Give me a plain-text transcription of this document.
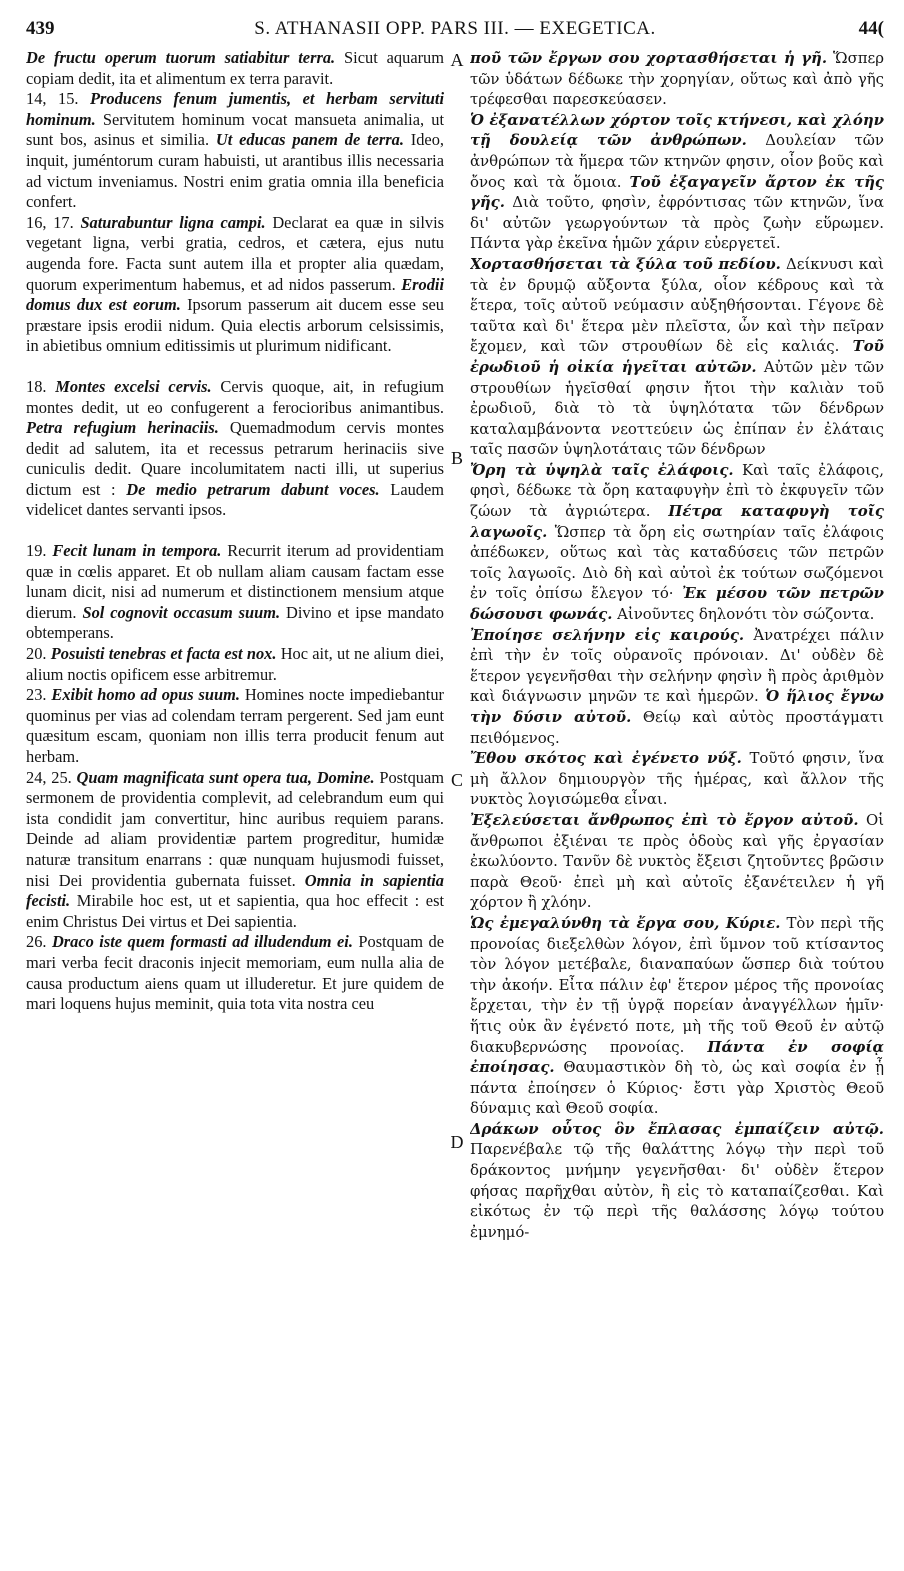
439	S. ATHANASII OPP. PARS III. — EXEGETICA.	44(

De fructu operum tuorum satiabitur terra. Sicut aquarum copiam dedit, ita et alimentum ex terra paravit.

14, 15. Producens fenum jumentis, et herbam servituti hominum. Servitutem hominum vocat mansueta animalia, ut sunt bos, asinus et similia. Ut educas panem de terra. Ideo, inquit, juméntorum curam habuisti, ut arantibus illis necessaria ad victum inveniamus. Nostri enim gratia omnia illa beneficia confert.

16, 17. Saturabuntur ligna campi. Declarat ea quæ in silvis vegetant ligna, verbi gratia, cedros, et cætera, ejus nutu augenda fore. Facta sunt autem illa et propter alia quædam, quorum experimentum habemus, et ad nidos passerum. Erodii domus dux est eorum. Ipsorum passerum ait ducem esse seu præstare ipsis erodii nidum. Quia electis arborum celsissimis, in abietibus omnium editissimis ut plurimum nidificant.

18. Montes excelsi cervis. Cervis quoque, ait, in refugium montes dedit, ut eo confugerent a ferocioribus animantibus. Petra refugium herinaciis. Quemadmodum cervis montes dedit ad salutem, ita et recessus petrarum herinaciis sive cuniculis dedit. Quare incolumitatem nacti illi, ut superius dictum est : De medio petrarum dabunt voces. Laudem videlicet dantes servanti ipsos.

19. Fecit lunam in tempora. Recurrit iterum ad providentiam quæ in cœlis apparet. Et ob nullam aliam causam factam esse lunam dicit, nisi ad numerum et distinctionem mensium atque dierum. Sol cognovit occasum suum. Divino et ipse mandato obtemperans.

20. Posuisti tenebras et facta est nox. Hoc ait, ut ne alium diei, alium noctis opificem esse arbitremur.

23. Exibit homo ad opus suum. Homines nocte impediebantur quominus per vias ad colendam terram pergerent. Sed jam eunt quæsitum escam, quoniam non illis terra producit fenum aut herbam.

24, 25. Quam magnificata sunt opera tua, Domine. Postquam sermonem de providentia complevit, ad celebrandum eum qui ista condidit jam convertitur, hinc auribus requiem parans. Deinde ad aliam providentiæ partem progreditur, humidæ naturæ transitum enarrans : quæ nunquam hujusmodi fuisset, nisi Dei providentia gubernata fuisset. Omnia in sapientia fecisti. Mirabile hoc est, ut et sapientia, qua hoc effecit : est enim Christus Dei virtus et Dei sapientia.

26. Draco iste quem formasti ad illudendum ei. Postquam de mari verba fecit draconis injecit memoriam, eum nulla alia de causa productum aiens quam ut illuderetur. Et jure quidem de mari loquens hujus meminit, quia tota vita nostra ceu

ποῦ τῶν ἔργων σου χορτασθήσεται ἡ γῆ. Ὥσπερ τῶν ὑδάτων δέδωκε τὴν χορηγίαν, οὕτως καὶ ἀπὸ γῆς τρέφεσθαι παρεσκεύασεν.

Ὁ ἐξανατέλλων χόρτον τοῖς κτήνεσι, καὶ χλόην τῇ δουλείᾳ τῶν ἀνθρώπων. Δουλείαν τῶν ἀνθρώπων τὰ ἥμερα τῶν κτηνῶν φησιν, οἷον βοῦς καὶ ὄνος καὶ τὰ ὅμοια. Τοῦ ἐξαγαγεῖν ἄρτον ἐκ τῆς γῆς. Διὰ τοῦτο, φησὶν, ἐφρόντισας τῶν κτηνῶν, ἵνα δι' αὐτῶν γεωργούντων τὰ πρὸς ζωὴν εὕρωμεν. Πάντα γὰρ ἐκεῖνα ἡμῶν χάριν εὐεργετεῖ.

Χορτασθήσεται τὰ ξύλα τοῦ πεδίου. Δείκνυσι καὶ τὰ ἐν δρυμῷ αὔξοντα ξύλα, οἷον κέδρους καὶ τὰ ἕτερα, τοῖς αὐτοῦ νεύμασιν αὐξηθήσονται. Γέγονε δὲ ταῦτα καὶ δι' ἕτερα μὲν πλεῖστα, ὧν καὶ τὴν πεῖραν ἔχομεν, καὶ τῶν στρουθίων δὲ εἰς καλιάς. Τοῦ ἐρωδιοῦ ἡ οἰκία ἡγεῖται αὐτῶν. Αὐτῶν μὲν τῶν στρουθίων ἡγεῖσθαί φησιν ἤτοι τὴν καλιὰν τοῦ ἐρωδιοῦ, διὰ τὸ τὰ ὑψηλότατα τῶν δένδρων καταλαμβάνοντα νεοττεύειν ὡς ἐπίπαν ἐν ἐλάταις ταῖς πασῶν ὑψηλοτάταις τῶν δένδρων

Ὄρη τὰ ὑψηλὰ ταῖς ἐλάφοις. Καὶ ταῖς ἐλάφοις, φησὶ, δέδωκε τὰ ὄρη καταφυγὴν ἐπὶ τὸ ἐκφυγεῖν τῶν ζώων τὰ ἀγριώτερα. Πέτρα καταφυγὴ τοῖς λαγωοῖς. Ὥσπερ τὰ ὄρη εἰς σωτηρίαν ταῖς ἐλάφοις ἀπέδωκεν, οὕτως καὶ τὰς καταδύσεις τῶν πετρῶν τοῖς λαγωοῖς. Διὸ δὴ καὶ αὐτοὶ ἐκ τούτων σωζόμενοι ἐν τοῖς ὀπίσω ἔλεγον τό· Ἐκ μέσου τῶν πετρῶν δώσουσι φωνάς. Αἰνοῦντες δηλονότι τὸν σώζοντα.

Ἐποίησε σελήνην εἰς καιρούς. Ἀνατρέχει πάλιν ἐπὶ τὴν ἐν τοῖς οὐρανοῖς πρόνοιαν. Δι' οὐδὲν δὲ ἕτερον γεγενῆσθαι τὴν σελήνην φησὶν ἢ πρὸς ἀριθμὸν καὶ διάγνωσιν μηνῶν τε καὶ ἡμερῶν. Ὁ ἥλιος ἔγνω τὴν δύσιν αὐτοῦ. Θείῳ καὶ αὐτὸς προστάγματι πειθόμενος.

Ἔθου σκότος καὶ ἐγένετο νύξ. Τοῦτό φησιν, ἵνα μὴ ἄλλον δημιουργὸν τῆς ἡμέρας, καὶ ἄλλον τῆς νυκτὸς λογισώμεθα εἶναι.

Ἐξελεύσεται ἄνθρωπος ἐπὶ τὸ ἔργον αὐτοῦ. Οἱ ἄνθρωποι ἐξιέναι τε πρὸς ὁδοὺς καὶ γῆς ἐργασίαν ἐκωλύοντο. Τανῦν δὲ νυκτὸς ἔξεισι ζητοῦντες βρῶσιν παρὰ Θεοῦ· ἐπεὶ μὴ καὶ αὐτοῖς ἐξανέτειλεν ἡ γῆ χόρτον ἢ χλόην.

Ὡς ἐμεγαλύνθη τὰ ἔργα σου, Κύριε. Τὸν περὶ τῆς προνοίας διεξελθὼν λόγον, ἐπὶ ὕμνον τοῦ κτίσαντος τὸν λόγον μετέβαλε, διαναπαύων ὥσπερ διὰ τούτου τὴν ἀκοήν. Εἶτα πάλιν ἐφ' ἕτερον μέρος τῆς προνοίας ἔρχεται, τὴν ἐν τῇ ὑγρᾷ πορείαν ἀναγγέλλων ἡμῖν· ἥτις οὐκ ἂν ἐγένετό ποτε, μὴ τῆς τοῦ Θεοῦ ἐν αὐτῷ διακυβερνώσης προνοίας. Πάντα ἐν σοφίᾳ ἐποίησας. Θαυμαστικὸν δὴ τὸ, ὡς καὶ σοφία ἐν ᾗ πάντα ἐποίησεν ὁ Κύριος· ἔστι γὰρ Χριστὸς Θεοῦ δύναμις καὶ Θεοῦ σοφία.

Δράκων οὗτος ὃν ἔπλασας ἐμπαίζειν αὐτῷ. Παρενέβαλε τῷ τῆς θαλάττης λόγῳ τὴν περὶ τοῦ δράκοντος μνήμην γεγενῆσθαι· δι' οὐδὲν ἕτερον φήσας παρῆχθαι αὐτὸν, ἢ εἰς τὸ καταπαίζεσθαι. Καὶ εἰκότως ἐν τῷ περὶ τῆς θαλάσσης λόγῳ τούτου ἐμνημό-

A
B
C
D
